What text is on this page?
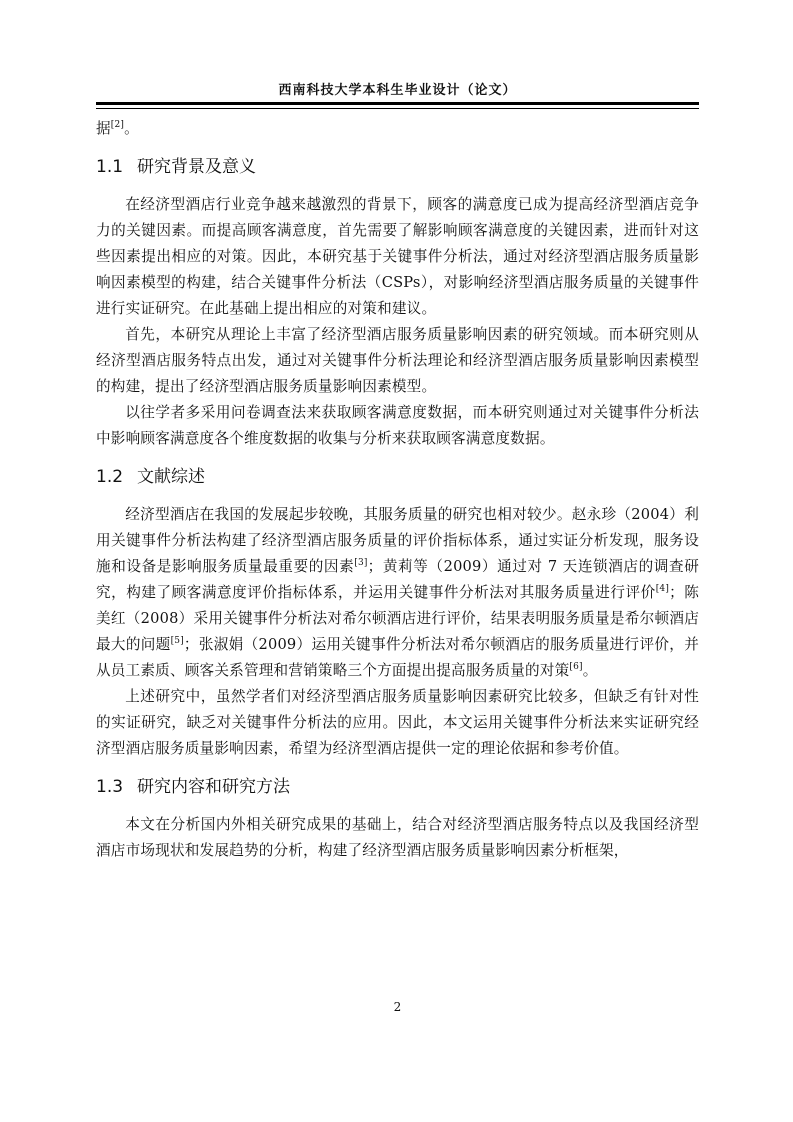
西南科技大学本科生毕业设计（论文）

据[2]。

1.1 研究背景及意义

在经济型酒店行业竞争越来越激烈的背景下，顾客的满意度已成为提高经济型酒店竞争力的关键因素。而提高顾客满意度，首先需要了解影响顾客满意度的关键因素，进而针对这些因素提出相应的对策。因此，本研究基于关键事件分析法，通过对经济型酒店服务质量影响因素模型的构建，结合关键事件分析法（CSPs），对影响经济型酒店服务质量的关键事件进行实证研究。在此基础上提出相应的对策和建议。

首先，本研究从理论上丰富了经济型酒店服务质量影响因素的研究领域。而本研究则从经济型酒店服务特点出发，通过对关键事件分析法理论和经济型酒店服务质量影响因素模型的构建，提出了经济型酒店服务质量影响因素模型。

以往学者多采用问卷调查法来获取顾客满意度数据，而本研究则通过对关键事件分析法中影响顾客满意度各个维度数据的收集与分析来获取顾客满意度数据。

1.2 文献综述

经济型酒店在我国的发展起步较晚，其服务质量的研究也相对较少。赵永珍（2004）利用关键事件分析法构建了经济型酒店服务质量的评价指标体系，通过实证分析发现，服务设施和设备是影响服务质量最重要的因素[3]；黄莉等（2009）通过对 7 天连锁酒店的调查研究，构建了顾客满意度评价指标体系，并运用关键事件分析法对其服务质量进行评价[4]；陈美红（2008）采用关键事件分析法对希尔顿酒店进行评价，结果表明服务质量是希尔顿酒店最大的问题[5]；张淑娟（2009）运用关键事件分析法对希尔顿酒店的服务质量进行评价，并从员工素质、顾客关系管理和营销策略三个方面提出提高服务质量的对策[6]。

上述研究中，虽然学者们对经济型酒店服务质量影响因素研究比较多，但缺乏有针对性的实证研究，缺乏对关键事件分析法的应用。因此，本文运用关键事件分析法来实证研究经济型酒店服务质量影响因素，希望为经济型酒店提供一定的理论依据和参考价值。

1.3 研究内容和研究方法

本文在分析国内外相关研究成果的基础上，结合对经济型酒店服务特点以及我国经济型酒店市场现状和发展趋势的分析，构建了经济型酒店服务质量影响因素分析框架，

2
